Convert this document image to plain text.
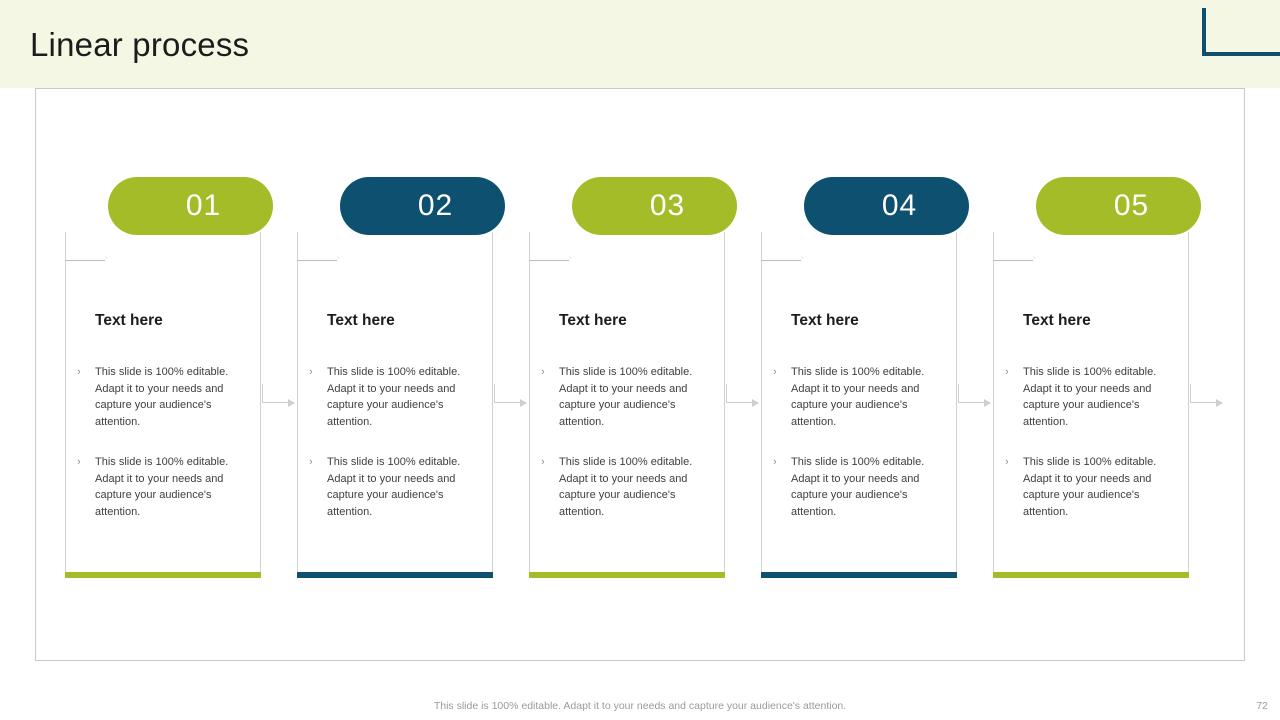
Linear process
01
Text here
› This slide is 100% editable. Adapt it to your needs and capture your audience's attention.
› This slide is 100% editable. Adapt it to your needs and capture your audience's attention.
02
Text here
› This slide is 100% editable. Adapt it to your needs and capture your audience's attention.
› This slide is 100% editable. Adapt it to your needs and capture your audience's attention.
03
Text here
› This slide is 100% editable. Adapt it to your needs and capture your audience's attention.
› This slide is 100% editable. Adapt it to your needs and capture your audience's attention.
04
Text here
› This slide is 100% editable. Adapt it to your needs and capture your audience's attention.
› This slide is 100% editable. Adapt it to your needs and capture your audience's attention.
05
Text here
› This slide is 100% editable. Adapt it to your needs and capture your audience's attention.
› This slide is 100% editable. Adapt it to your needs and capture your audience's attention.
This slide is 100% editable. Adapt it to your needs and capture your audience's attention.	72
